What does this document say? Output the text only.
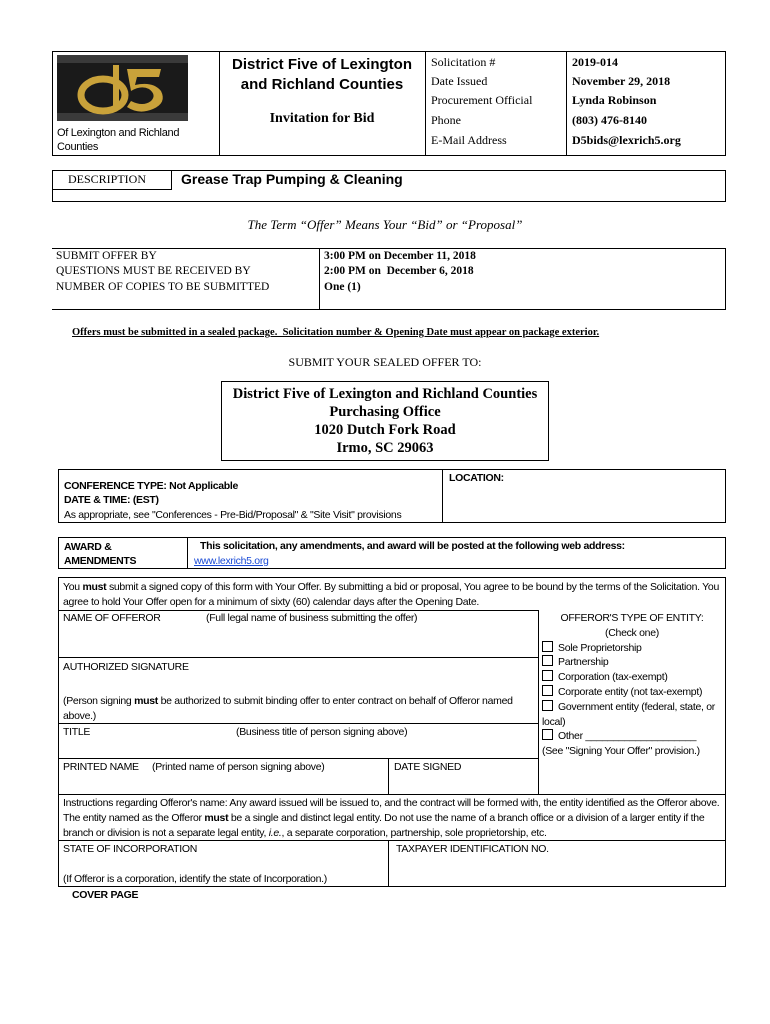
Of Lexington and Richland Counties
District Five of Lexington and Richland Counties
Invitation for Bid
Solicitation #	2019-014
Date Issued	November 29, 2018
Procurement Official	Lynda Robinson
Phone	(803) 476-8140
E-Mail Address	D5bids@lexrich5.org
DESCRIPTION Grease Trap Pumping & Cleaning
The Term “Offer” Means Your “Bid” or “Proposal”
SUBMIT OFFER BY	3:00 PM on December 11, 2018
QUESTIONS MUST BE RECEIVED BY	2:00 PM on  December 6, 2018
NUMBER OF COPIES TO BE SUBMITTED	One (1)
Offers must be submitted in a sealed package.  Solicitation number & Opening Date must appear on package exterior.
SUBMIT YOUR SEALED OFFER TO:
District Five of Lexington and Richland Counties
Purchasing Office
1020 Dutch Fork Road
Irmo, SC 29063
CONFERENCE TYPE: Not Applicable
DATE & TIME: (EST)
As appropriate, see "Conferences - Pre-Bid/Proposal" & "Site Visit" provisions
LOCATION:
AWARD & AMENDMENTS
This solicitation, any amendments, and award will be posted at the following web address:
www.lexrich5.org
You must submit a signed copy of this form with Your Offer. By submitting a bid or proposal, You agree to be bound by the terms of the Solicitation. You agree to hold Your Offer open for a minimum of sixty (60) calendar days after the Opening Date.
NAME OF OFFEROR	(Full legal name of business submitting the offer)
AUTHORIZED SIGNATURE
(Person signing must be authorized to submit binding offer to enter contract on behalf of Offeror named above.)
TITLE	(Business title of person signing above)
PRINTED NAME (Printed name of person signing above)	DATE SIGNED
OFFEROR'S TYPE OF ENTITY:
(Check one)
Sole Proprietorship
Partnership
Corporation (tax-exempt)
Corporate entity (not tax-exempt)
Government entity (federal, state, or local)
Other ____________________
(See "Signing Your Offer" provision.)
Instructions regarding Offeror's name: Any award issued will be issued to, and the contract will be formed with, the entity identified as the Offeror above. The entity named as the Offeror must be a single and distinct legal entity. Do not use the name of a branch office or a division of a larger entity if the branch or division is not a separate legal entity, i.e., a separate corporation, partnership, sole proprietorship, etc.
STATE OF INCORPORATION
(If Offeror is a corporation, identify the state of Incorporation.)
TAXPAYER IDENTIFICATION NO.
COVER PAGE
